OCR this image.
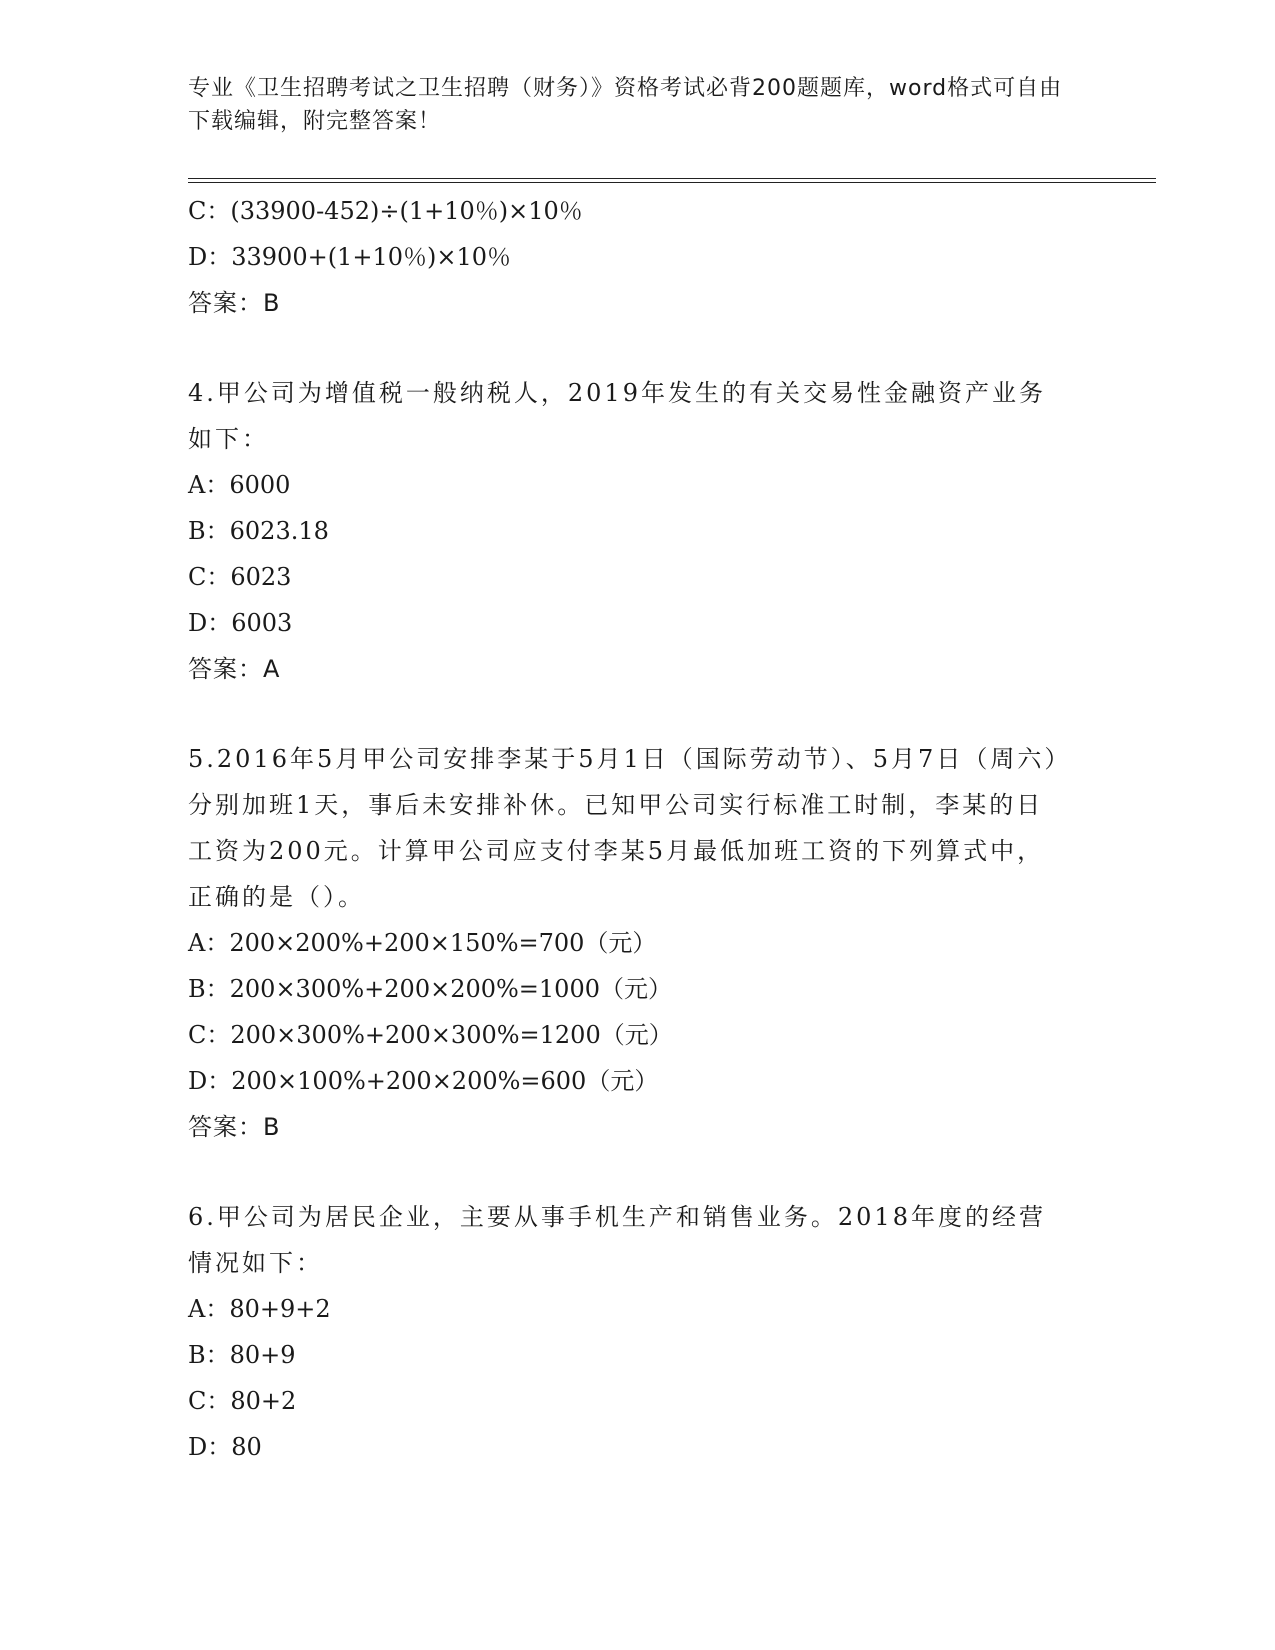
专业《卫生招聘考试之卫生招聘（财务）》资格考试必背200题题库，word格式可自由下载编辑，附完整答案！
C：(33900-452)÷(1+10％)×10％
D：33900+(1+10％)×10％
答案：B
4.甲公司为增值税一般纳税人，2019年发生的有关交易性金融资产业务如下：
A：6000
B：6023.18
C：6023
D：6003
答案：A
5.2016年5月甲公司安排李某于5月1日（国际劳动节）、5月7日（周六）分别加班1天，事后未安排补休。已知甲公司实行标准工时制，李某的日工资为200元。计算甲公司应支付李某5月最低加班工资的下列算式中，正确的是（）。
A：200×200%+200×150%=700（元）
B：200×300%+200×200%=1000（元）
C：200×300%+200×300%=1200（元）
D：200×100%+200×200%=600（元）
答案：B
6.甲公司为居民企业，主要从事手机生产和销售业务。2018年度的经营情况如下：
A：80+9+2
B：80+9
C：80+2
D：80
